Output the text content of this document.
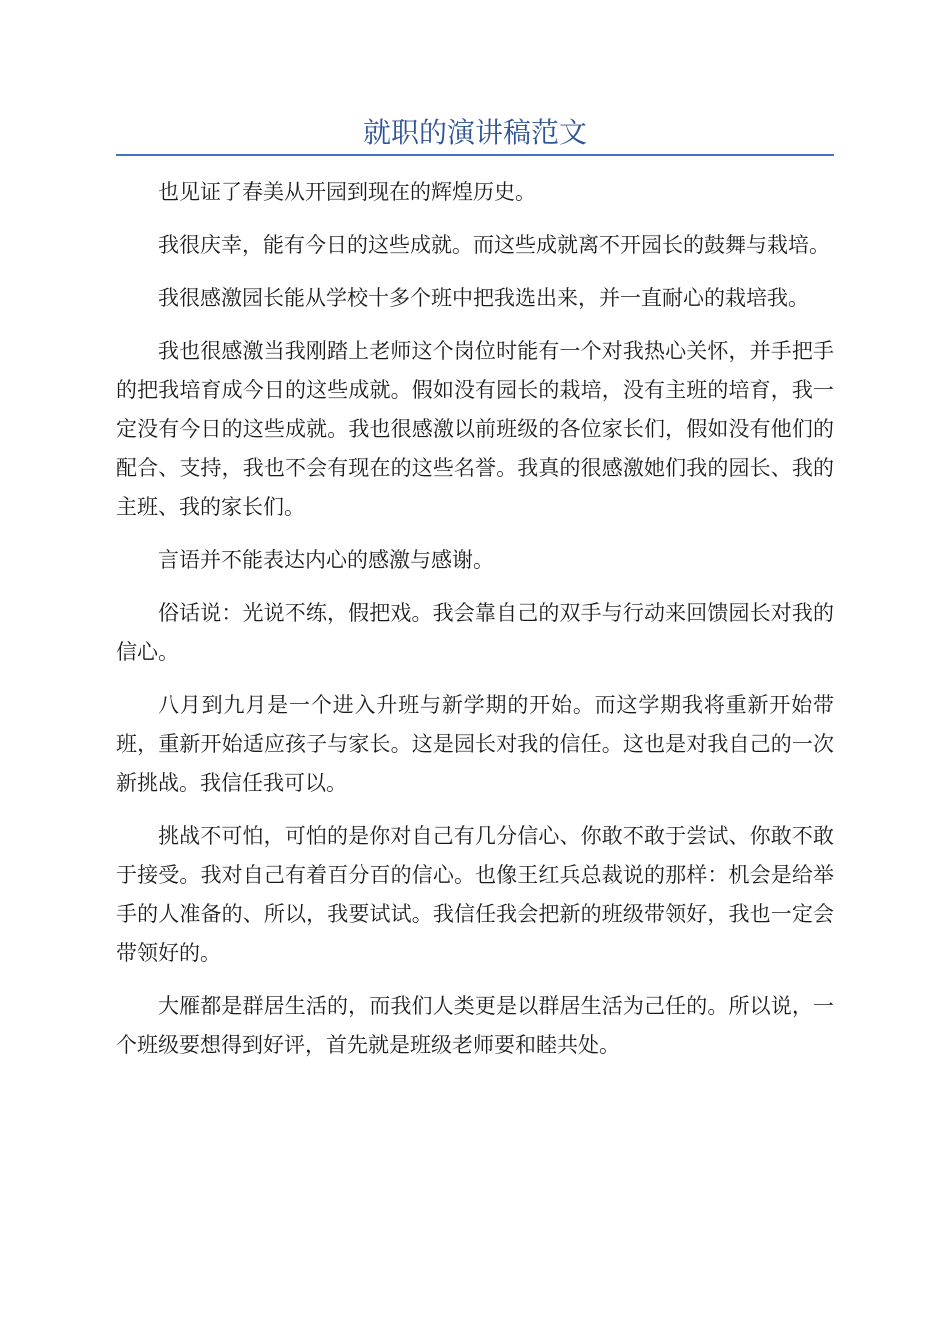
就职的演讲稿范文

也见证了春美从开园到现在的辉煌历史。

我很庆幸，能有今日的这些成就。而这些成就离不开园长的鼓舞与栽培。

我很感激园长能从学校十多个班中把我选出来，并一直耐心的栽培我。

我也很感激当我刚踏上老师这个岗位时能有一个对我热心关怀，并手把手的把我培育成今日的这些成就。假如没有园长的栽培，没有主班的培育，我一定没有今日的这些成就。我也很感激以前班级的各位家长们，假如没有他们的配合、支持，我也不会有现在的这些名誉。我真的很感激她们我的园长、我的主班、我的家长们。

言语并不能表达内心的感激与感谢。

俗话说：光说不练，假把戏。我会靠自己的双手与行动来回馈园长对我的信心。

八月到九月是一个进入升班与新学期的开始。而这学期我将重新开始带班，重新开始适应孩子与家长。这是园长对我的信任。这也是对我自己的一次新挑战。我信任我可以。

挑战不可怕，可怕的是你对自己有几分信心、你敢不敢于尝试、你敢不敢于接受。我对自己有着百分百的信心。也像王红兵总裁说的那样：机会是给举手的人准备的、所以，我要试试。我信任我会把新的班级带领好，我也一定会带领好的。

大雁都是群居生活的，而我们人类更是以群居生活为己任的。所以说，一个班级要想得到好评，首先就是班级老师要和睦共处。
